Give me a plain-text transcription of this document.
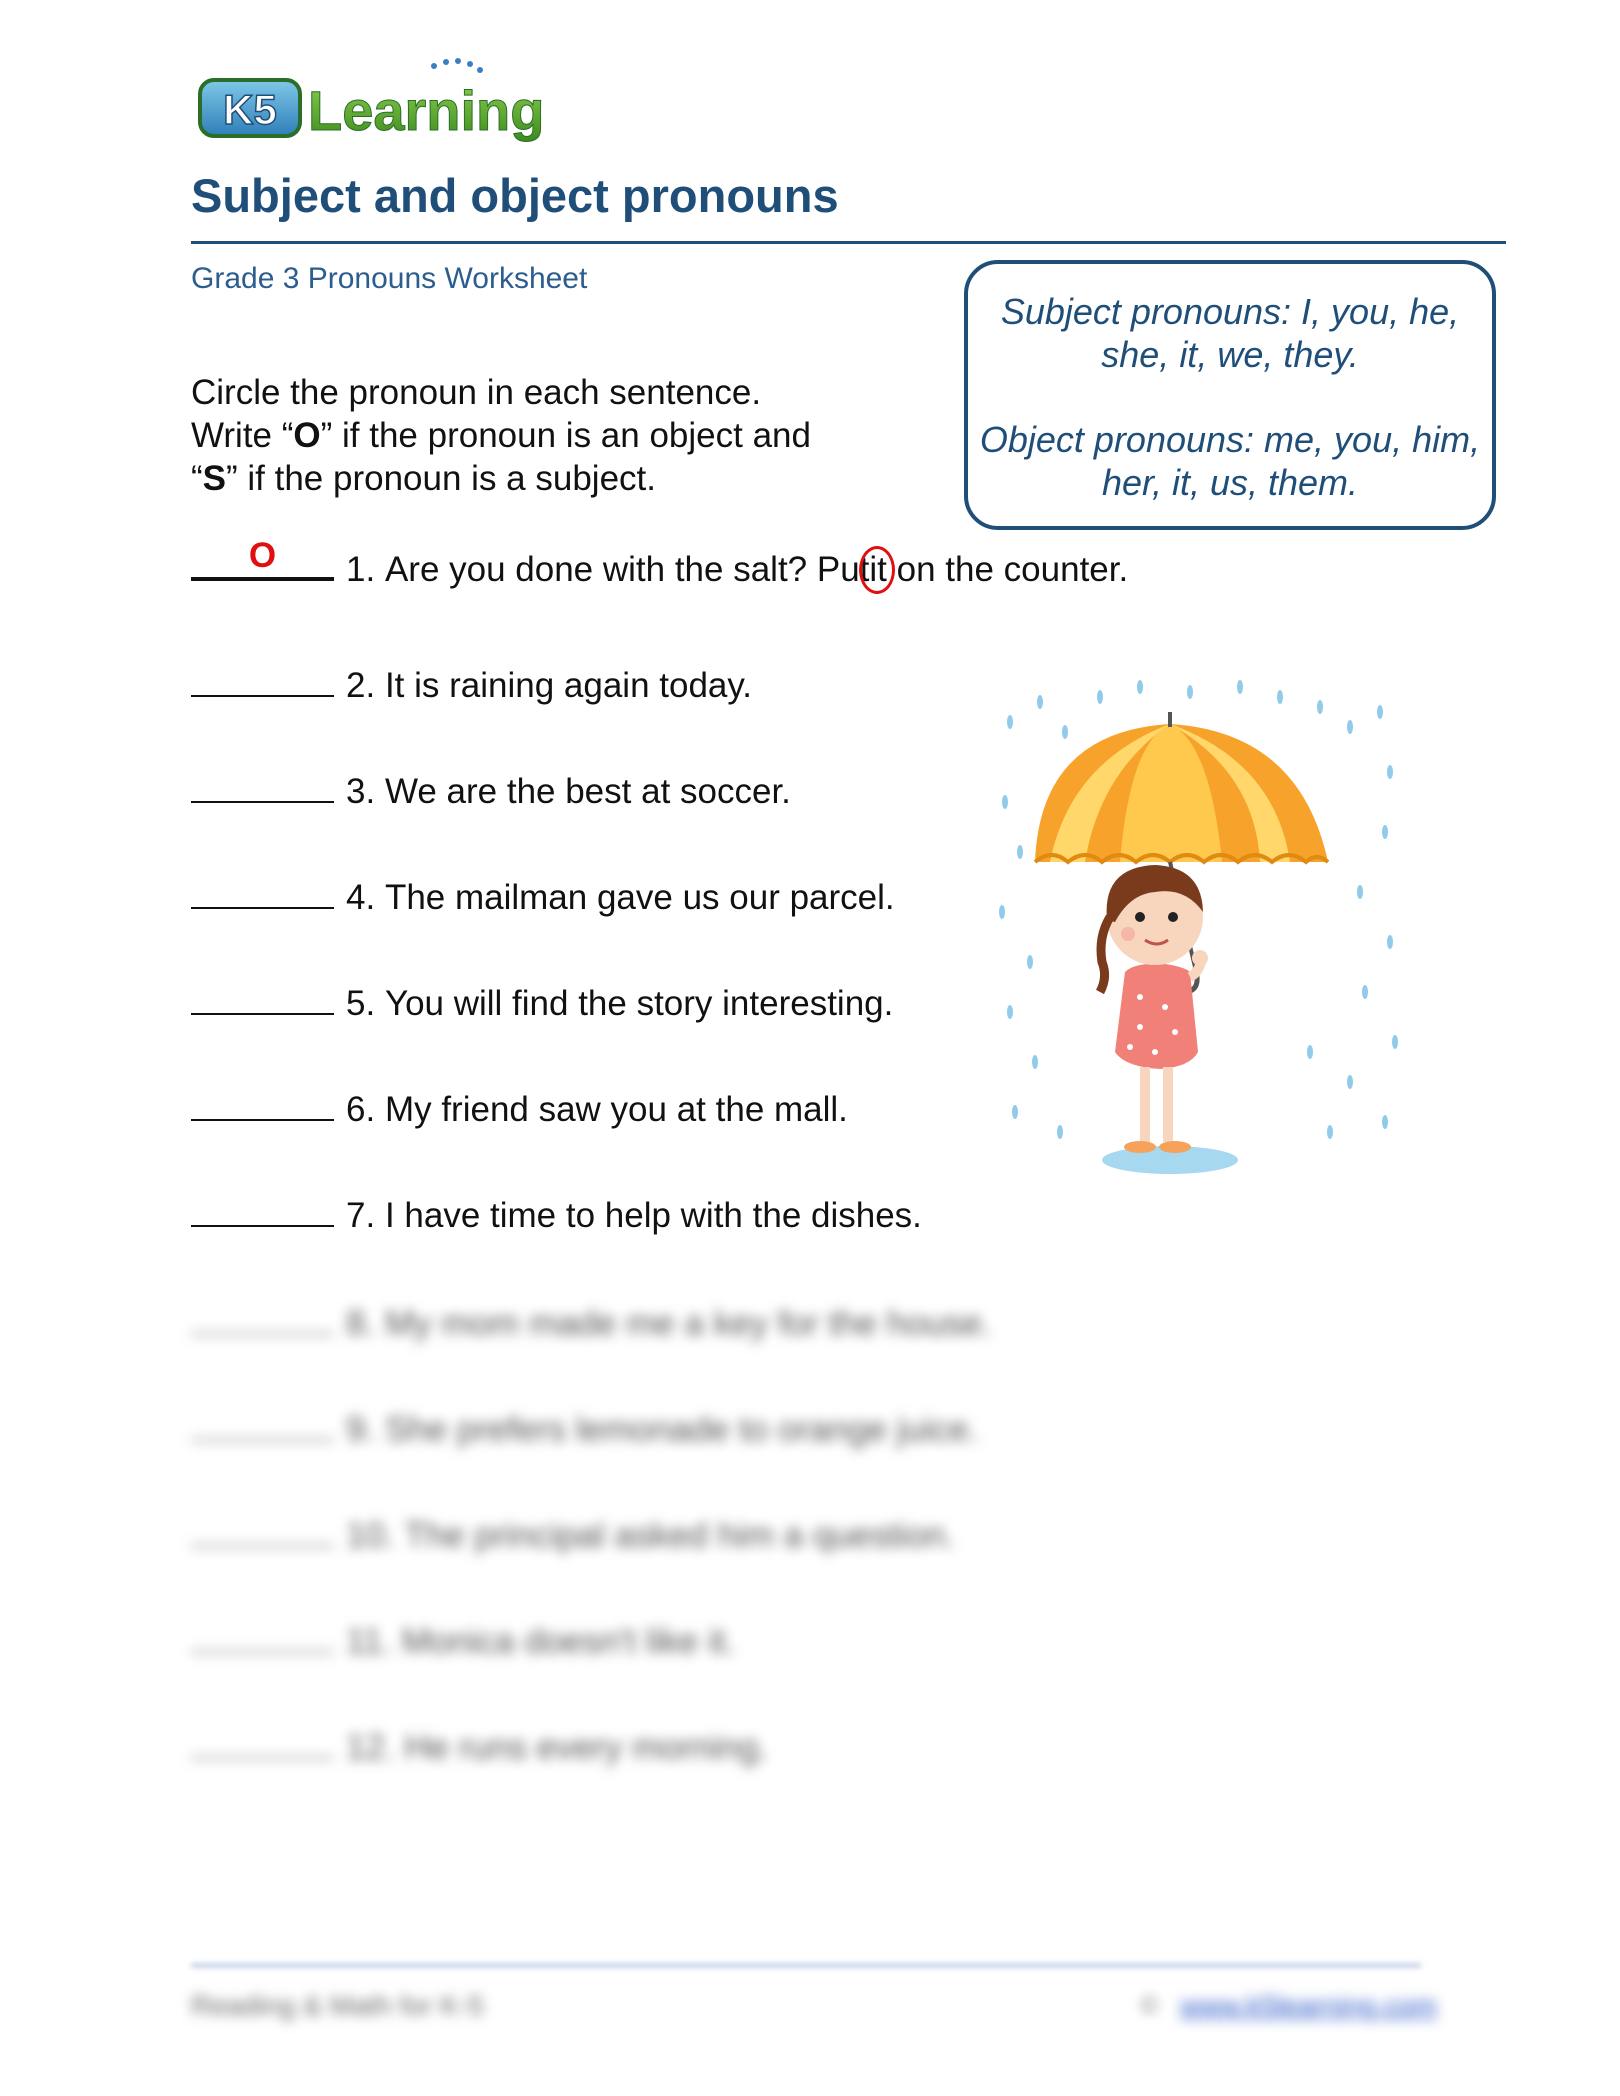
K5 Learning
Subject and object pronouns
Grade 3 Pronouns Worksheet

Subject pronouns: I, you, he, she, it, we, they.

Object pronouns: me, you, him, her, it, us, them.

Circle the pronoun in each sentence.
Write “O” if the pronoun is an object and
“S” if the pronoun is a subject.
O	1. Are you done with the salt? Put
it on the counter.
2. It is raining again today.
3. We are the best at soccer.
4. The mailman gave us our parcel.
5. You will find the story interesting.
6. My friend saw you at the mall.
7. I have time to help with the dishes.
8. My mom made me a key for the house.
9. She prefers lemonade to orange juice.
10. The principal asked him a question.
11. Monica doesn't like it.
12. He runs every morning.
Reading & Math for K-5	© www.k5learning.com
